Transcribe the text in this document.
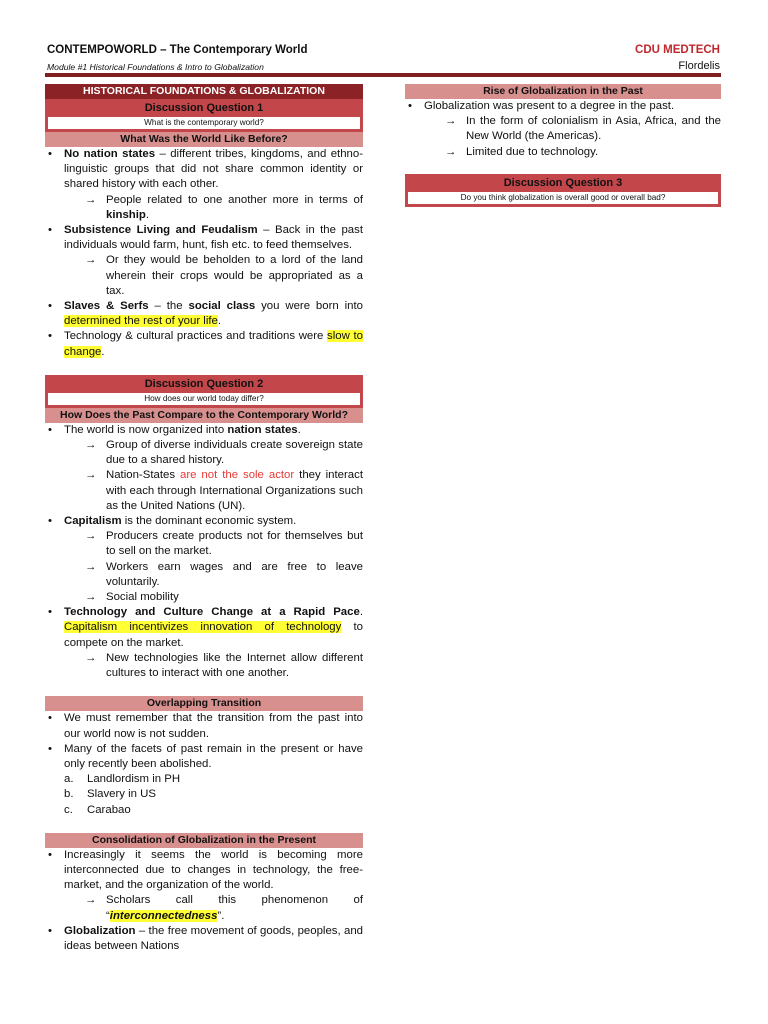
CONTEMPOWORLD – The Contemporary World
Module #1 Historical Foundations & Intro to Globalization
CDU MEDTECH
Flordelis
HISTORICAL FOUNDATIONS & GLOBALIZATION
Discussion Question 1
What is the contemporary world?
What Was the World Like Before?
• No nation states – different tribes, kingdoms, and ethno-linguistic groups that did not share common identity or shared history with each other.
→ People related to one another more in terms of kinship.
• Subsistence Living and Feudalism – Back in the past individuals would farm, hunt, fish etc. to feed themselves.
→ Or they would be beholden to a lord of the land wherein their crops would be appropriated as a tax.
• Slaves & Serfs – the social class you were born into determined the rest of your life.
• Technology & cultural practices and traditions were slow to change.
Discussion Question 2
How does our world today differ?
How Does the Past Compare to the Contemporary World?
• The world is now organized into nation states.
→ Group of diverse individuals create sovereign state due to a shared history.
→ Nation-States are not the sole actor they interact with each through International Organizations such as the United Nations (UN).
• Capitalism is the dominant economic system.
→ Producers create products not for themselves but to sell on the market.
→ Workers earn wages and are free to leave voluntarily.
→ Social mobility
• Technology and Culture Change at a Rapid Pace. Capitalism incentivizes innovation of technology to compete on the market.
→ New technologies like the Internet allow different cultures to interact with one another.
Overlapping Transition
• We must remember that the transition from the past into our world now is not sudden.
• Many of the facets of past remain in the present or have only recently been abolished.
a. Landlordism in PH
b. Slavery in US
c. Carabao
Consolidation of Globalization in the Present
• Increasingly it seems the world is becoming more interconnected due to changes in technology, the free-market, and the organization of the world.
→ Scholars call this phenomenon of “interconnectedness”.
• Globalization – the free movement of goods, peoples, and ideas between Nations
Rise of Globalization in the Past
• Globalization was present to a degree in the past.
→ In the form of colonialism in Asia, Africa, and the New World (the Americas).
→ Limited due to technology.
Discussion Question 3
Do you think globalization is overall good or overall bad?
